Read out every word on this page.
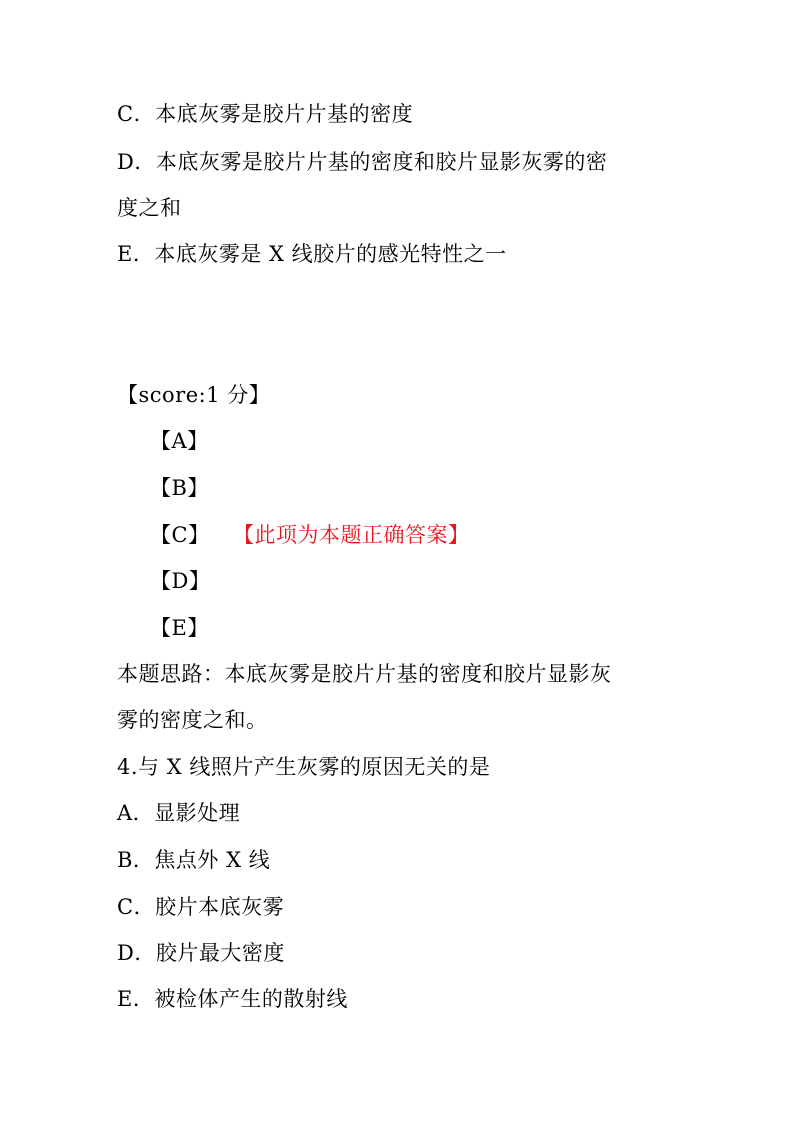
C．本底灰雾是胶片片基的密度
D．本底灰雾是胶片片基的密度和胶片显影灰雾的密
度之和
E．本底灰雾是 X 线胶片的感光特性之一
【score:1 分】
【A】
【B】
【C】 【此项为本题正确答案】
【D】
【E】
本题思路：本底灰雾是胶片片基的密度和胶片显影灰
雾的密度之和。
4.与 X 线照片产生灰雾的原因无关的是
A．显影处理
B．焦点外 X 线
C．胶片本底灰雾
D．胶片最大密度
E．被检体产生的散射线
